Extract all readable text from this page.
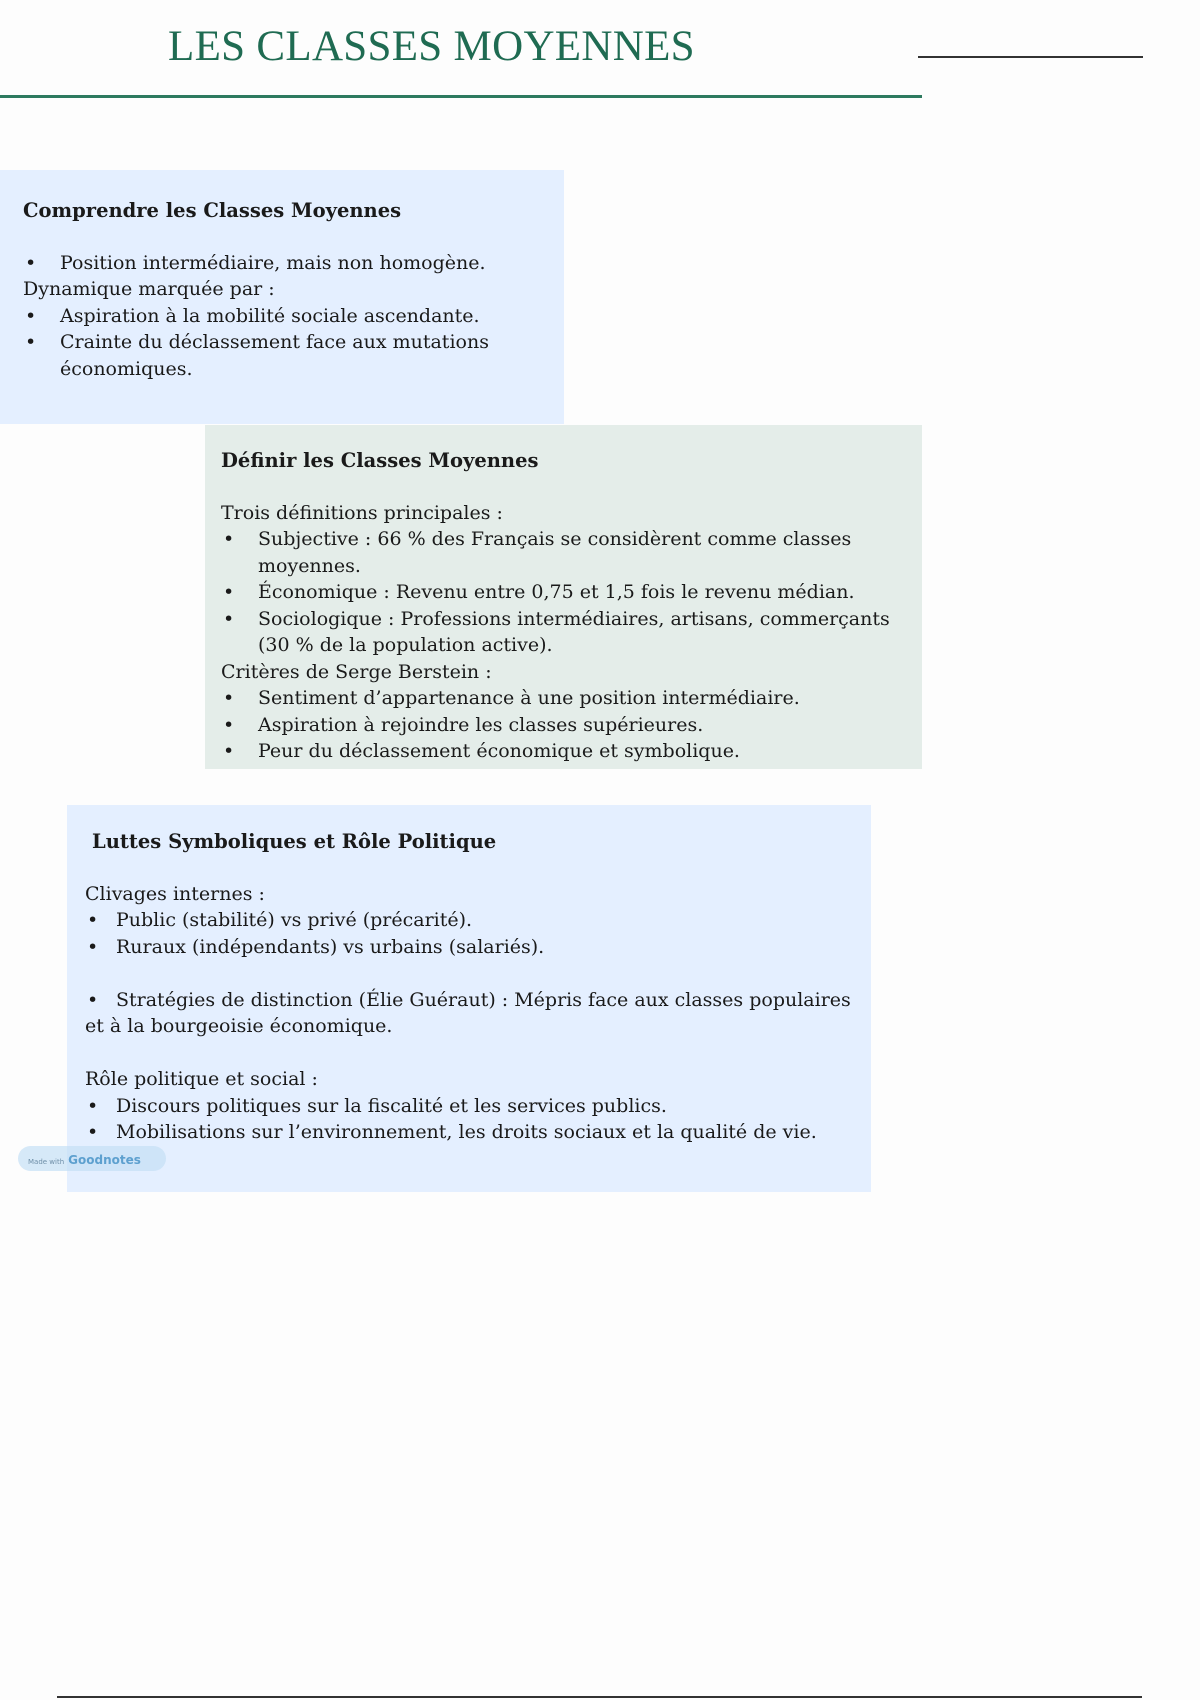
LES CLASSES MOYENNES

Comprendre les Classes Moyennes

• Position intermédiaire, mais non homogène.

Dynamique marquée par :

• Aspiration à la mobilité sociale ascendante.
• Crainte du déclassement face aux mutations économiques.

Définir les Classes Moyennes

Trois définitions principales :

• Subjective : 66 % des Français se considèrent comme classes moyennes.
• Économique : Revenu entre 0,75 et 1,5 fois le revenu médian.
• Sociologique : Professions intermédiaires, artisans, commerçants (30 % de la population active).

Critères de Serge Berstein :

• Sentiment d’appartenance à une position intermédiaire.
• Aspiration à rejoindre les classes supérieures.
• Peur du déclassement économique et symbolique.

Luttes Symboliques et Rôle Politique

Clivages internes :

• Public (stabilité) vs privé (précarité).
• Ruraux (indépendants) vs urbains (salariés).

•Stratégies de distinction (Élie Guéraut) : Mépris face aux classes populaires et à la bourgeoisie économique.

Rôle politique et social :

• Discours politiques sur la fiscalité et les services publics.
• Mobilisations sur l’environnement, les droits sociaux et la qualité de vie.
Made with Goodnotes
